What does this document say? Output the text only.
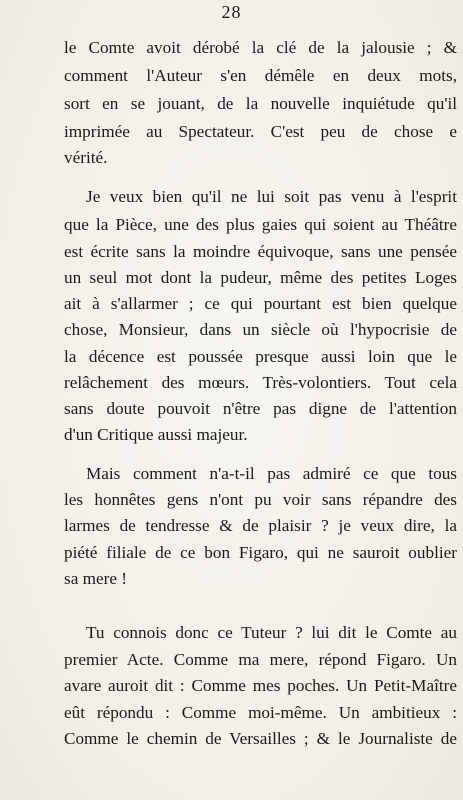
28
le Comte avoit dérobé la clé de la jalousie ; &
comment l'Auteur s'en démêle en deux mots,
sort en se jouant, de la nouvelle inquiétude qu'il
imprimée au Spectateur. C'est peu de chose e
vérité.
Je veux bien qu'il ne lui soit pas venu à l'esprit
que la Pièce, une des plus gaies qui soient au Théâtre
est écrite sans la moindre équivoque, sans une pensée
un seul mot dont la pudeur, même des petites Loges
ait à s'allarmer ; ce qui pourtant est bien quelque
chose, Monsieur, dans un siècle où l'hypocrisie de
la décence est poussée presque aussi loin que le
relâchement des mœurs. Très-volontiers. Tout cela
sans doute pouvoit n'être pas digne de l'attention
d'un Critique aussi majeur.
Mais comment n'a-t-il pas admiré ce que tous
les honnêtes gens n'ont pu voir sans répandre des
larmes de tendresse & de plaisir ? je veux dire, la
piété filiale de ce bon Figaro, qui ne sauroit oublier
sa mere !
Tu connois donc ce Tuteur ? lui dit le Comte au
premier Acte. Comme ma mere, répond Figaro. Un
avare auroit dit : Comme mes poches. Un Petit-Maître
eût répondu : Comme moi-même. Un ambitieux :
Comme le chemin de Versailles ; & le Journaliste de
